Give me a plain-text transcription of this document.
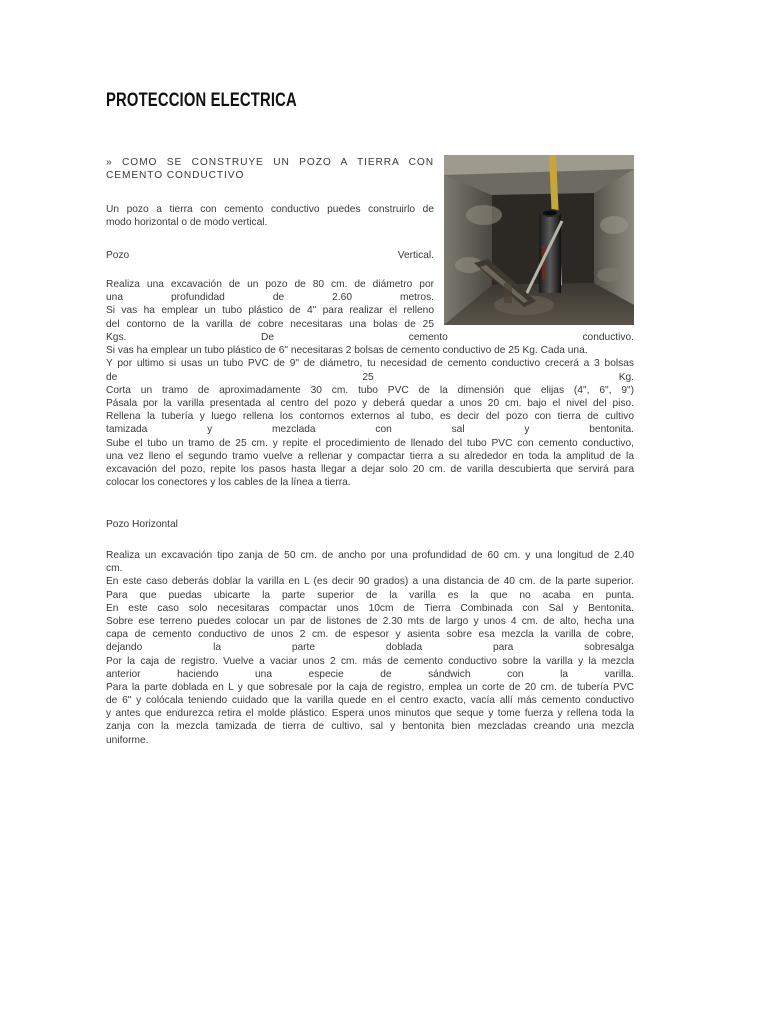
PROTECCION ELECTRICA
» COMO SE CONSTRUYE UN POZO A TIERRA CON
CEMENTO CONDUCTIVO
Un pozo a tierra con cemento conductivo puedes construirlo de
modo horizontal o de modo vertical.
Pozo	Vertical.
Realiza una excavación de un pozo de 80 cm. de diámetro por
una profundidad de 2.60 metros.
Si vas ha emplear un tubo plástico de 4" para realizar el relleno
del contorno de la varilla de cobre necesitaras una bolas de 25
Kgs. De cemento conductivo.
Si vas ha emplear un tubo plástico de 6" necesitaras 2 bolsas de cemento conductivo de 25 Kg. Cada una.
Y por ultimo si usas un tubo PVC de 9" de diámetro, tu necesidad de cemento conductivo crecerá a 3 bolsas
de 25 Kg.
Corta un tramo de aproximadamente 30 cm. tubo PVC de la dimensión que elijas (4", 6", 9")
Pásala por la varilla presentada al centro del pozo y deberá quedar a unos 20 cm. bajo el nivel del piso.
Rellena la tubería y luego rellena los contornos externos al tubo, es decir del pozo con tierra de cultivo
tamizada y mezclada con sal y bentonita.
Sube el tubo un tramo de 25 cm. y repite el procedimiento de llenado del tubo PVC con cemento conductivo,
una vez lleno el segundo tramo vuelve a rellenar y compactar tierra a su alrededor en toda la amplitud de la
excavación del pozo, repite los pasos hasta llegar a dejar solo 20 cm. de varilla descubierta que servirá para
colocar los conectores y los cables de la línea a tierra.
Pozo Horizontal
Realiza un excavación tipo zanja de 50 cm. de ancho por una profundidad de 60 cm. y una longitud de 2.40
cm.
En este caso deberás doblar la varilla en L (es decir 90 grados) a una distancia de 40 cm. de la parte superior.
Para que puedas ubicarte la parte superior de la varilla es la que no acaba en punta.
En este caso solo necesitaras compactar unos 10cm de Tierra Combinada con Sal y Bentonita.
Sobre ese terreno puedes colocar un par de listones de 2.30 mts de largo y unos 4 cm. de alto, hecha una
capa de cemento conductivo de unos 2 cm. de espesor y asienta sobre esa mezcla la varilla de cobre,
dejando la parte doblada para sobresalga
Por la caja de registro. Vuelve a vaciar unos 2 cm. más de cemento conductivo sobre la varilla y la mezcla
anterior haciendo una especie de sándwich con la varilla.
Para la parte doblada en L y que sobresale por la caja de registro, emplea un corte de 20 cm. de tubería PVC
de 6" y colócala teniendo cuidado que la varilla quede en el centro exacto, vacía allí más cemento conductivo
y antes que endurezca retira el molde plástico. Espera unos minutos que seque y tome fuerza y rellena toda la
zanja con la mezcla tamizada de tierra de cultivo, sal y bentonita bien mezcladas creando una mezcla
uniforme.
